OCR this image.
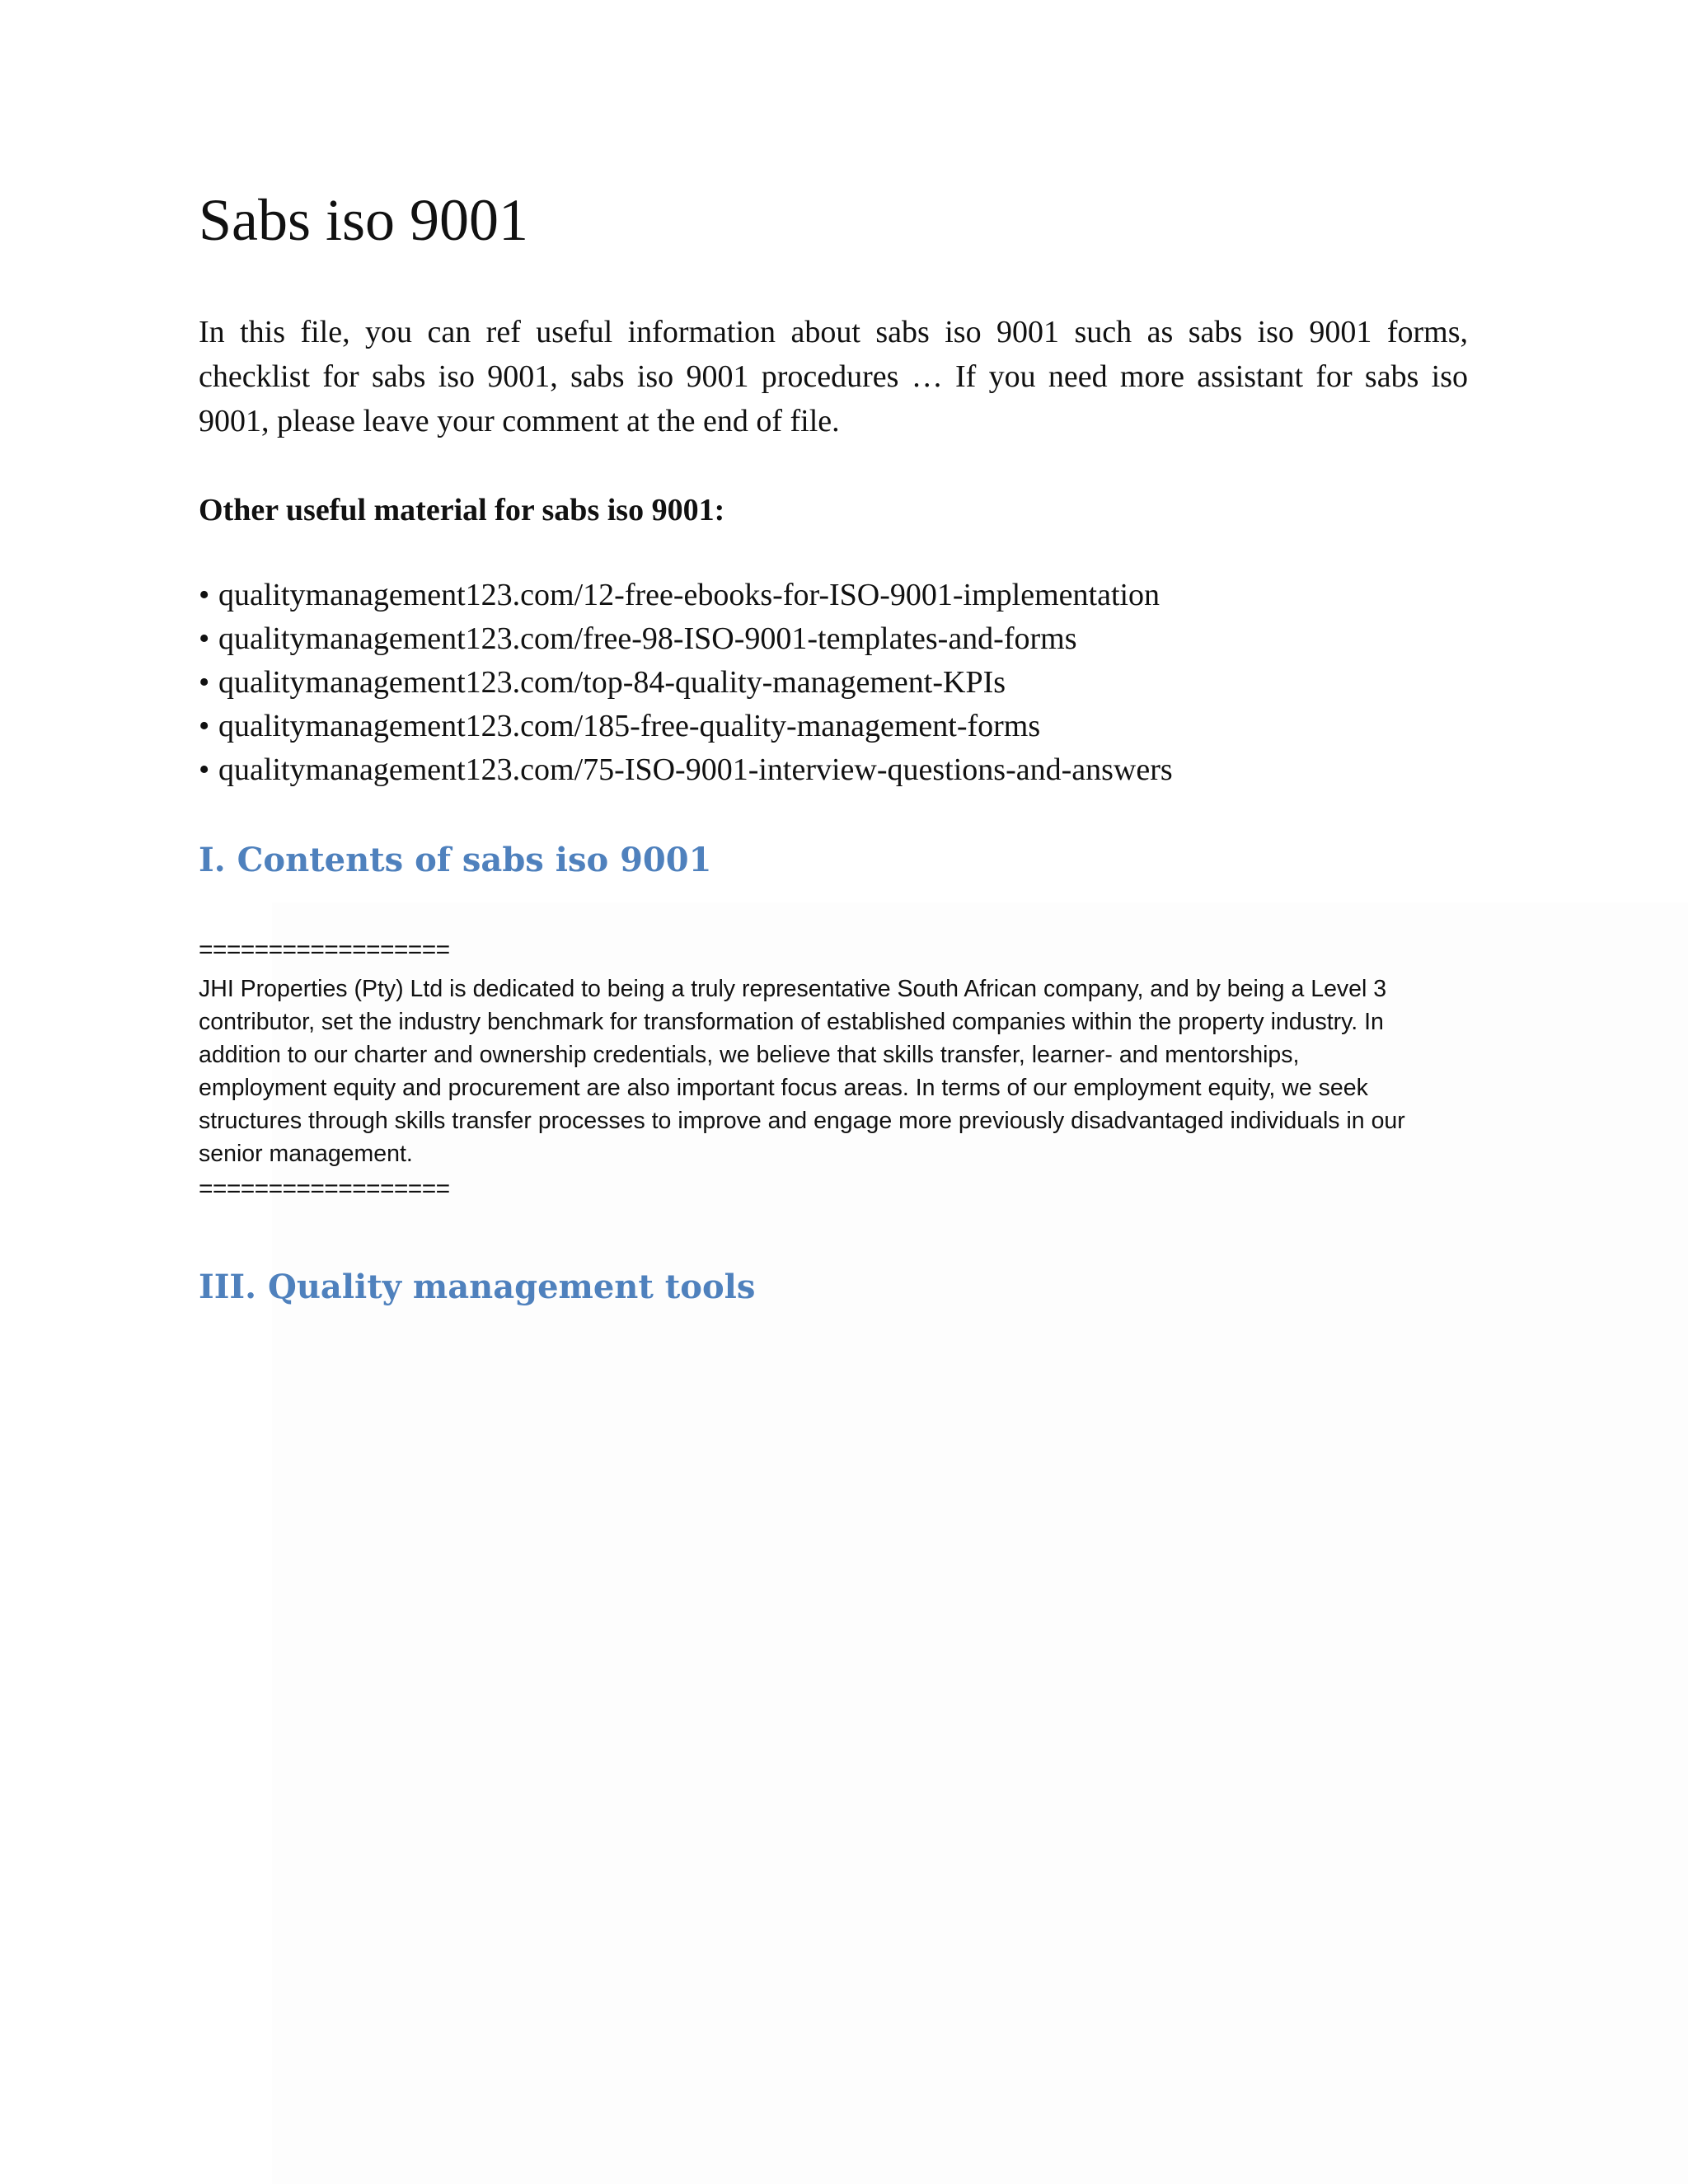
Sabs iso 9001

In this file, you can ref useful information about sabs iso 9001 such as sabs iso 9001 forms,
checklist for sabs iso 9001, sabs iso 9001 procedures … If you need more assistant for sabs iso
9001, please leave your comment at the end of file.

Other useful material for sabs iso 9001:

• qualitymanagement123.com/12-free-ebooks-for-ISO-9001-implementation
• qualitymanagement123.com/free-98-ISO-9001-templates-and-forms
• qualitymanagement123.com/top-84-quality-management-KPIs
• qualitymanagement123.com/185-free-quality-management-forms
• qualitymanagement123.com/75-ISO-9001-interview-questions-and-answers
I. Contents of sabs iso 9001
==================

JHI Properties (Pty) Ltd is dedicated to being a truly representative South African company, and by being a Level 3
contributor, set the industry benchmark for transformation of established companies within the property industry. In
addition to our charter and ownership credentials, we believe that skills transfer, learner- and mentorships,
employment equity and procurement are also important focus areas. In terms of our employment equity, we seek
structures through skills transfer processes to improve and engage more previously disadvantaged individuals in our
senior management.

==================
III. Quality management tools
